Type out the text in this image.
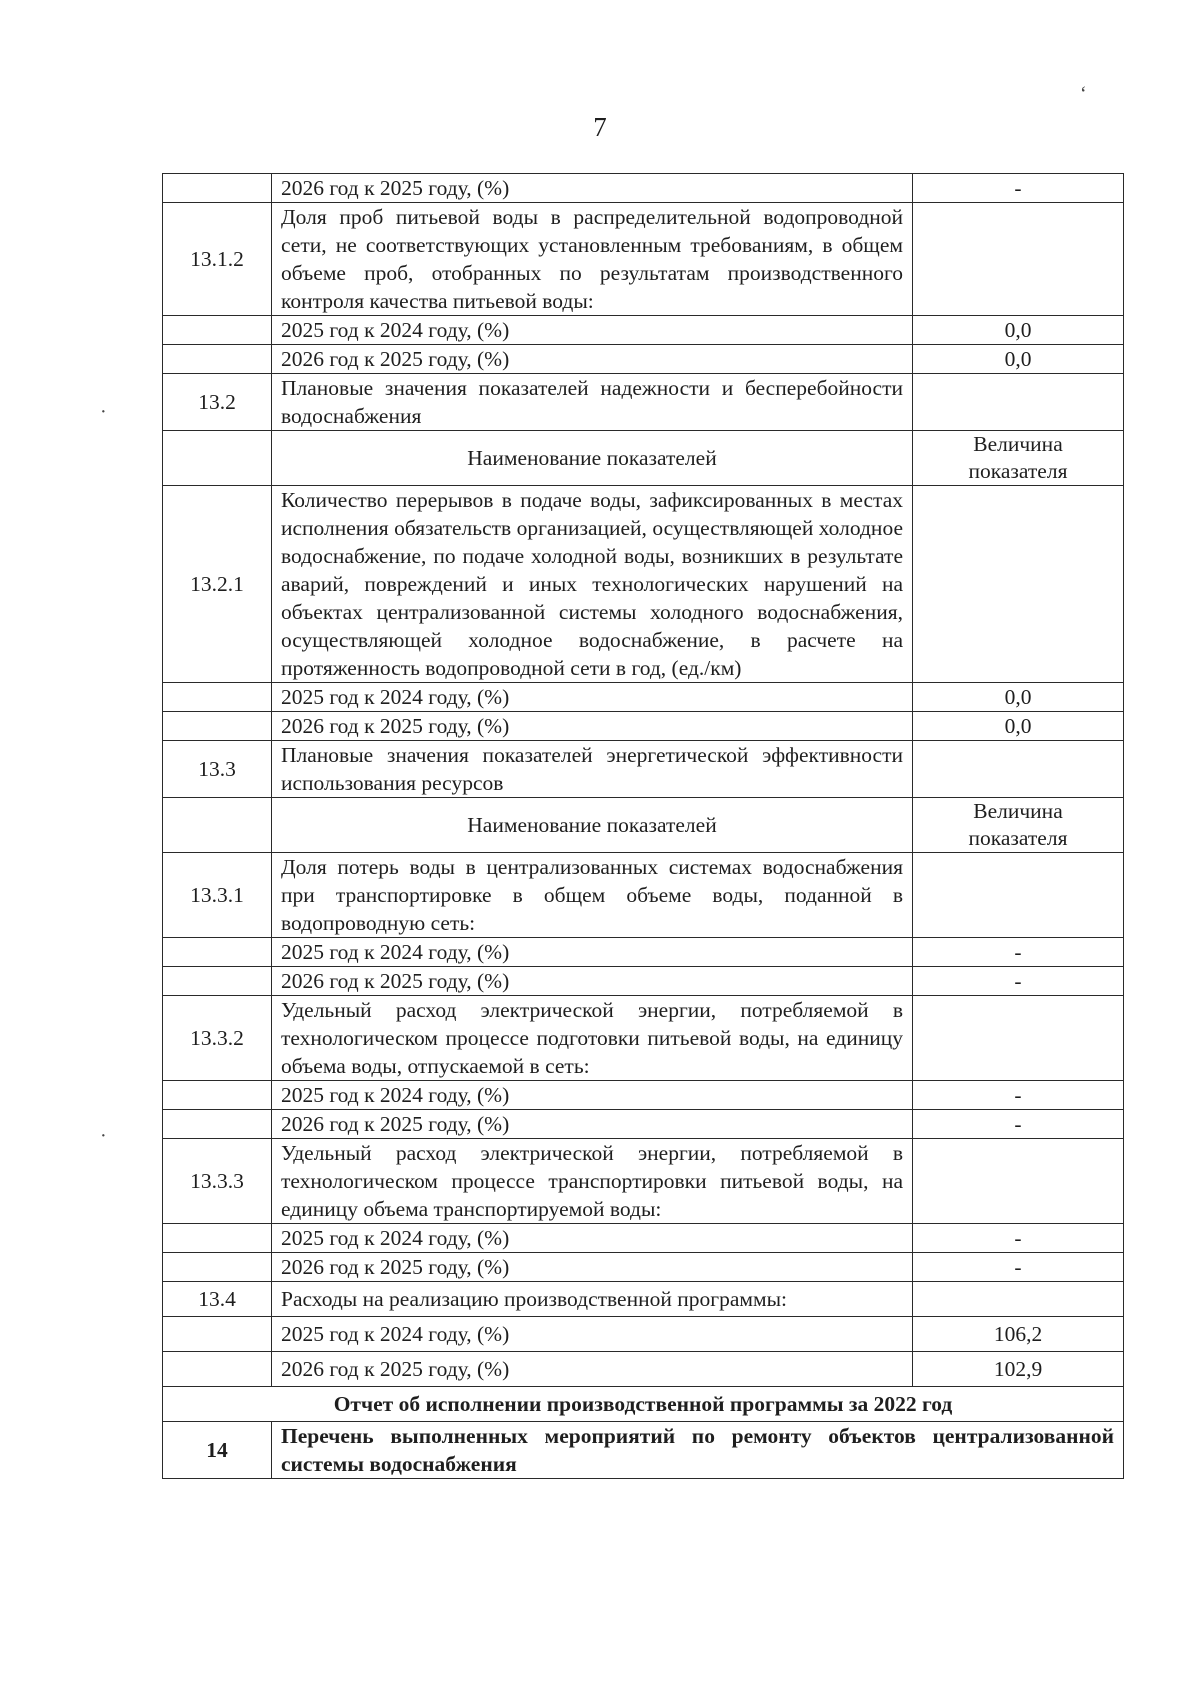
7
‘
·
·
	2026 год к 2025 году, (%)	-
13.1.2	Доля проб питьевой воды в распределительной водопроводной сети, не соответствующих установленным требованиям, в общем объеме проб, отобранных по результатам производственного контроля качества питьевой воды:	
	2025 год к 2024 году, (%)	0,0
	2026 год к 2025 году, (%)	0,0
13.2	Плановые значения показателей надежности и бесперебойности водоснабжения	
	Наименование показателей	Величина показателя
13.2.1	Количество перерывов в подаче воды, зафиксированных в местах исполнения обязательств организацией, осуществляющей холодное водоснабжение, по подаче холодной воды, возникших в результате аварий, повреждений и иных технологических нарушений на объектах централизованной системы холодного водоснабжения, осуществляющей холодное водоснабжение, в расчете на протяженность водопроводной сети в год, (ед./км)	
	2025 год к 2024 году, (%)	0,0
	2026 год к 2025 году, (%)	0,0
13.3	Плановые значения показателей энергетической эффективности использования ресурсов	
	Наименование показателей	Величина показателя
13.3.1	Доля потерь воды в централизованных системах водоснабжения при транспортировке в общем объеме воды, поданной в водопроводную сеть:	
	2025 год к 2024 году, (%)	-
	2026 год к 2025 году, (%)	-
13.3.2	Удельный расход электрической энергии, потребляемой в технологическом процессе подготовки питьевой воды, на единицу объема воды, отпускаемой в сеть:	
	2025 год к 2024 году, (%)	-
	2026 год к 2025 году, (%)	-
13.3.3	Удельный расход электрической энергии, потребляемой в технологическом процессе транспортировки питьевой воды, на единицу объема транспортируемой воды:	
	2025 год к 2024 году, (%)	-
	2026 год к 2025 году, (%)	-
13.4	Расходы на реализацию производственной программы:	
	2025 год к 2024 году, (%)	106,2
	2026 год к 2025 году, (%)	102,9
Отчет об исполнении производственной программы за 2022 год		
14	Перечень выполненных мероприятий по ремонту объектов централизованной системы водоснабжения	
